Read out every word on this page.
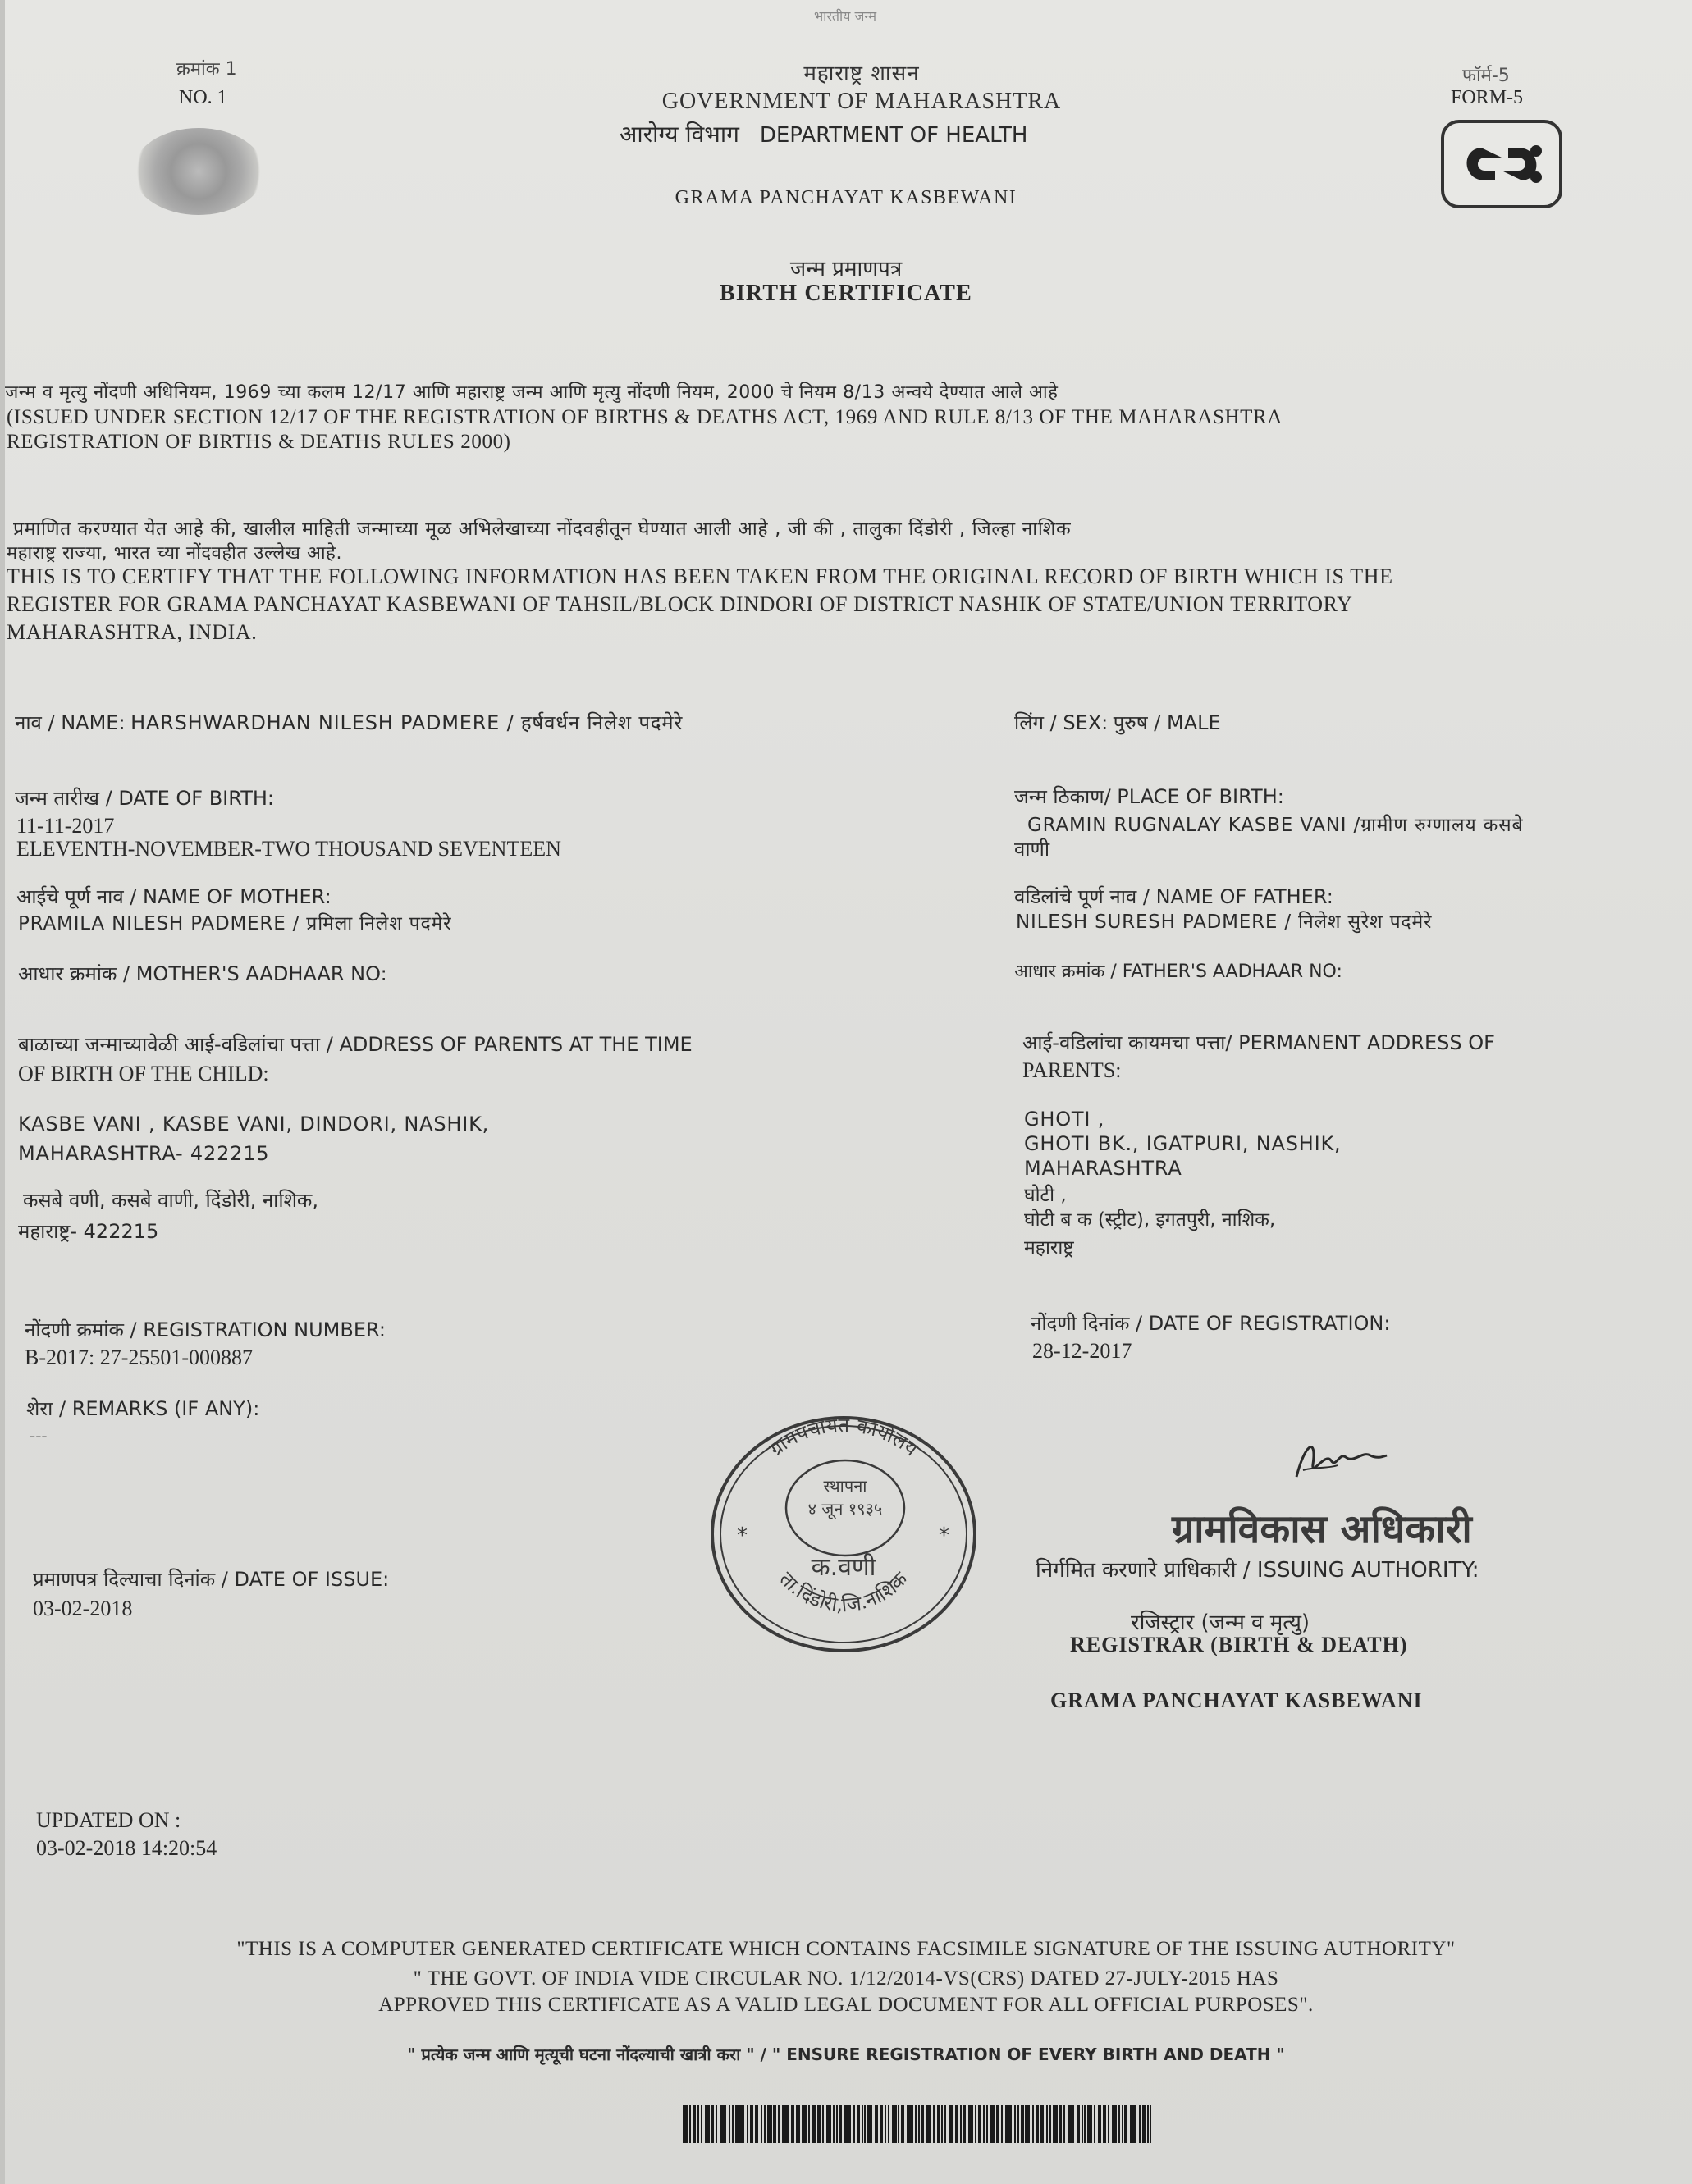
भारतीय जन्म
क्रमांक 1
NO. 1
महाराष्ट्र शासन
GOVERNMENT OF MAHARASHTRA
आरोग्य विभाग DEPARTMENT OF HEALTH
फॉर्म-5
FORM-5
GRAMA PANCHAYAT KASBEWANI
जन्म प्रमाणपत्र
BIRTH CERTIFICATE
जन्म व मृत्यु नोंदणी अधिनियम, 1969 च्या कलम 12/17 आणि महाराष्ट्र जन्म आणि मृत्यु नोंदणी नियम, 2000 चे नियम 8/13 अन्वये देण्यात आले आहे
(ISSUED UNDER SECTION 12/17 OF THE REGISTRATION OF BIRTHS & DEATHS ACT, 1969 AND RULE 8/13 OF THE MAHARASHTRA
REGISTRATION OF BIRTHS & DEATHS RULES 2000)
प्रमाणित करण्यात येत आहे की, खालील माहिती जन्माच्या मूळ अभिलेखाच्या नोंदवहीतून घेण्यात आली आहे , जी की , तालुका दिंडोरी , जिल्हा नाशिक
महाराष्ट्र राज्या, भारत च्या नोंदवहीत उल्लेख आहे.
THIS IS TO CERTIFY THAT THE FOLLOWING INFORMATION HAS BEEN TAKEN FROM THE ORIGINAL RECORD OF BIRTH WHICH IS THE
REGISTER FOR GRAMA PANCHAYAT KASBEWANI OF TAHSIL/BLOCK DINDORI OF DISTRICT NASHIK OF STATE/UNION TERRITORY
MAHARASHTRA, INDIA.
नाव / NAME: HARSHWARDHAN NILESH PADMERE / हर्षवर्धन निलेश पदमेरे
जन्म तारीख / DATE OF BIRTH:
11-11-2017
ELEVENTH-NOVEMBER-TWO THOUSAND SEVENTEEN
आईचे पूर्ण नाव / NAME OF MOTHER:
PRAMILA NILESH PADMERE / प्रमिला निलेश पदमेरे
आधार क्रमांक / MOTHER'S AADHAAR NO:
बाळाच्या जन्माच्यावेळी आई-वडिलांचा पत्ता / ADDRESS OF PARENTS AT THE TIME
OF BIRTH OF THE CHILD:
KASBE VANI , KASBE VANI, DINDORI, NASHIK,
MAHARASHTRA- 422215
कसबे वणी, कसबे वाणी, दिंडोरी, नाशिक,
महाराष्ट्र- 422215
नोंदणी क्रमांक / REGISTRATION NUMBER:
B-2017: 27-25501-000887
शेरा / REMARKS (IF ANY):
---
प्रमाणपत्र दिल्याचा दिनांक / DATE OF ISSUE:
03-02-2018
लिंग / SEX: पुरुष / MALE
जन्म ठिकाण/ PLACE OF BIRTH:
GRAMIN RUGNALAY KASBE VANI /ग्रामीण रुग्णालय कसबे
वाणी
वडिलांचे पूर्ण नाव / NAME OF FATHER:
NILESH SURESH PADMERE / निलेश सुरेश पदमेरे
आधार क्रमांक / FATHER'S AADHAAR NO:
आई-वडिलांचा कायमचा पत्ता/ PERMANENT ADDRESS OF
PARENTS:
GHOTI ,
GHOTI BK., IGATPURI, NASHIK,
MAHARASHTRA
घोटी ,
घोटी ब क (स्ट्रीट), इगतपुरी, नाशिक,
महाराष्ट्र
नोंदणी दिनांक / DATE OF REGISTRATION:
28-12-2017
ग्रामपंचायत कार्यालय
स्थापना
४ जून १९३५
क.वणी
ता.दिंडोरी,जि.नाशिक
*	*	ग्रामविकास अधिकारी
निर्गमित करणारे प्राधिकारी / ISSUING AUTHORITY:
रजिस्ट्रार (जन्म व मृत्यु)
REGISTRAR (BIRTH & DEATH)
GRAMA PANCHAYAT KASBEWANI
UPDATED ON :
03-02-2018 14:20:54
"THIS IS A COMPUTER GENERATED CERTIFICATE WHICH CONTAINS FACSIMILE SIGNATURE OF THE ISSUING AUTHORITY"
" THE GOVT. OF INDIA VIDE CIRCULAR NO. 1/12/2014-VS(CRS) DATED 27-JULY-2015 HAS
APPROVED THIS CERTIFICATE AS A VALID LEGAL DOCUMENT FOR ALL OFFICIAL PURPOSES".
" प्रत्येक जन्म आणि मृत्यूची घटना नोंदल्याची खात्री करा " / " ENSURE REGISTRATION OF EVERY BIRTH AND DEATH "
